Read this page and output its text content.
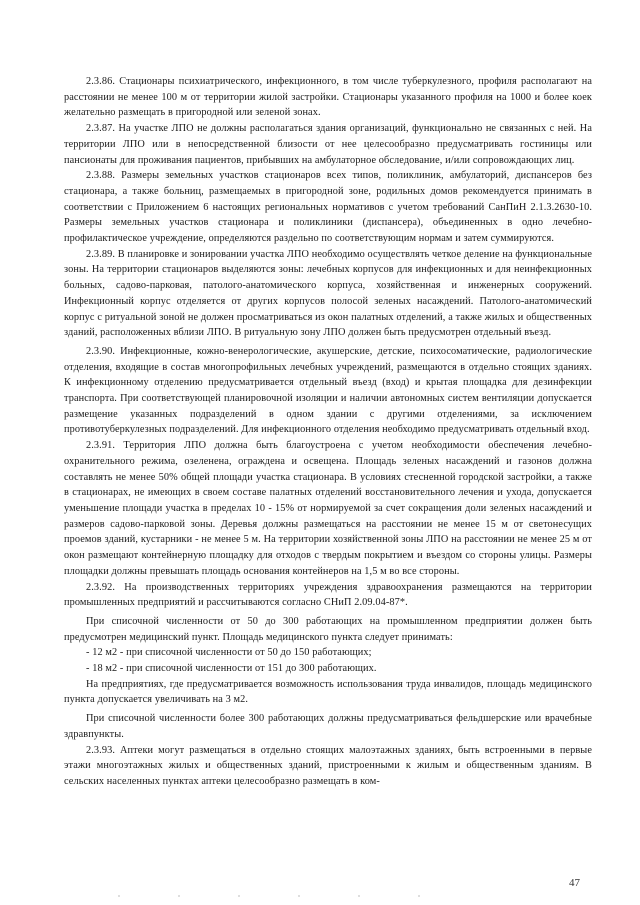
2.3.86. Стационары психиатрического, инфекционного, в том числе туберкулезного, профиля располагают на расстоянии не менее 100 м от территории жилой застройки. Стационары указанного профиля на 1000 и более коек желательно размещать в пригородной или зеленой зонах.

2.3.87. На участке ЛПО не должны располагаться здания организаций, функционально не связанных с ней. На территории ЛПО или в непосредственной близости от нее целесообразно предусматривать гостиницы или пансионаты для проживания пациентов, прибывших на амбулаторное обследование, и/или сопровождающих лиц.

2.3.88. Размеры земельных участков стационаров всех типов, поликлиник, амбулаторий, диспансеров без стационара, а также больниц, размещаемых в пригородной зоне, родильных домов рекомендуется принимать в соответствии с Приложением 6 настоящих региональных нормативов с учетом требований СанПиН 2.1.3.2630-10. Размеры земельных участков стационара и поликлиники (диспансера), объединенных в одно лечебно-профилактическое учреждение, определяются раздельно по соответствующим нормам и затем суммируются.

2.3.89. В планировке и зонировании участка ЛПО необходимо осуществлять четкое деление на функциональные зоны. На территории стационаров выделяются зоны: лечебных корпусов для инфекционных и для неинфекционных больных, садово-парковая, патолого-анатомического корпуса, хозяйственная и инженерных сооружений. Инфекционный корпус отделяется от других корпусов полосой зеленых насаждений. Патолого-анатомический корпус с ритуальной зоной не должен просматриваться из окон палатных отделений, а также жилых и общественных зданий, расположенных вблизи ЛПО. В ритуальную зону ЛПО должен быть предусмотрен отдельный въезд.

2.3.90. Инфекционные, кожно-венерологические, акушерские, детские, психосоматические, радиологические отделения, входящие в состав многопрофильных лечебных учреждений, размещаются в отдельно стоящих зданиях. К инфекционному отделению предусматривается отдельный въезд (вход) и крытая площадка для дезинфекции транспорта. При соответствующей планировочной изоляции и наличии автономных систем вентиляции допускается размещение указанных подразделений в одном здании с другими отделениями, за исключением противотуберкулезных подразделений. Для инфекционного отделения необходимо предусматривать отдельный вход.

2.3.91. Территория ЛПО должна быть благоустроена с учетом необходимости обеспечения лечебно-охранительного режима, озеленена, ограждена и освещена. Площадь зеленых насаждений и газонов должна составлять не менее 50% общей площади участка стационара. В условиях стесненной городской застройки, а также в стационарах, не имеющих в своем составе палатных отделений восстановительного лечения и ухода, допускается уменьшение площади участка в пределах 10 - 15% от нормируемой за счет сокращения доли зеленых насаждений и размеров садово-парковой зоны. Деревья должны размещаться на расстоянии не менее 15 м от светонесущих проемов зданий, кустарники - не менее 5 м. На территории хозяйственной зоны ЛПО на расстоянии не менее 25 м от окон размещают контейнерную площадку для отходов с твердым покрытием и въездом со стороны улицы. Размеры площадки должны превышать площадь основания контейнеров на 1,5 м во все стороны.

2.3.92. На производственных территориях учреждения здравоохранения размещаются на территории промышленных предприятий и рассчитываются согласно СНиП 2.09.04-87*.

При списочной численности от 50 до 300 работающих на промышленном предприятии должен быть предусмотрен медицинский пункт. Площадь медицинского пункта следует принимать:

- 12 м2 - при списочной численности от 50 до 150 работающих;

- 18 м2 - при списочной численности от 151 до 300 работающих.

На предприятиях, где предусматривается возможность использования труда инвалидов, площадь медицинского пункта допускается увеличивать на 3 м2.

При списочной численности более 300 работающих должны предусматриваться фельдшерские или врачебные здравпункты.

2.3.93. Аптеки могут размещаться в отдельно стоящих малоэтажных зданиях, быть встроенными в первые этажи многоэтажных жилых и общественных зданий, пристроенными к жилым и общественным зданиям. В сельских населенных пунктах аптеки целесообразно размещать в ком-

47
